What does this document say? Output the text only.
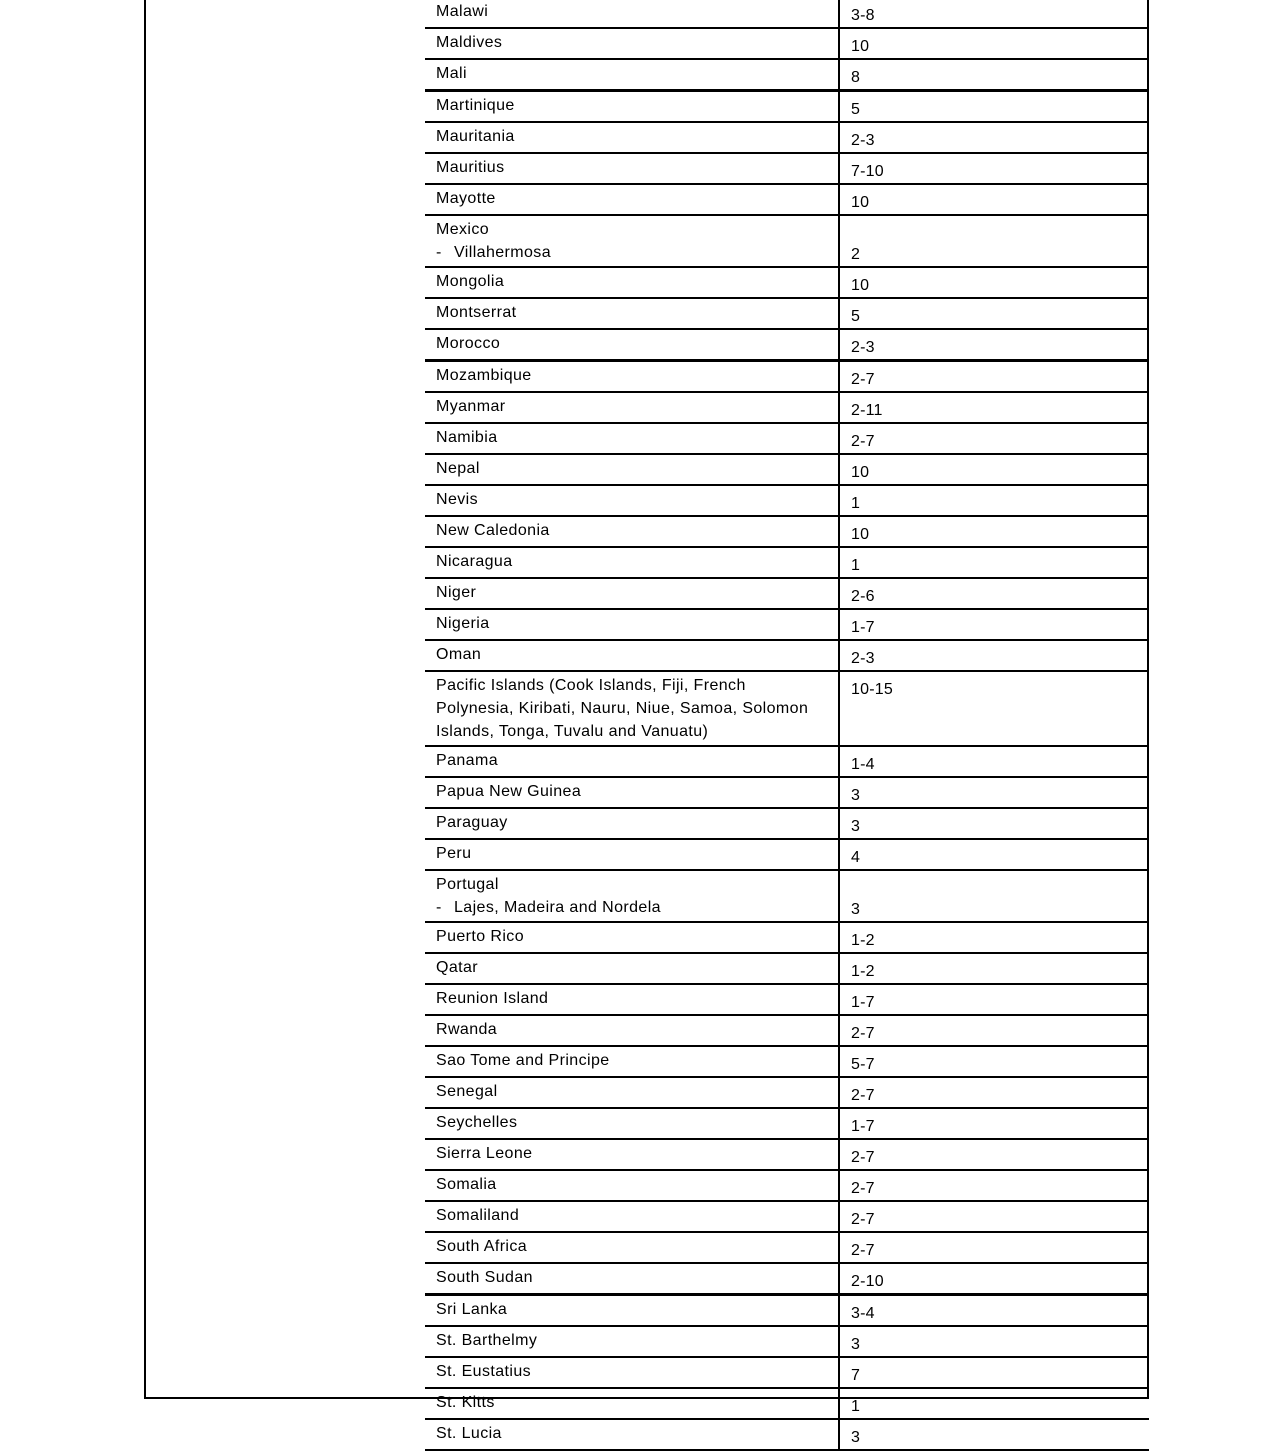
Malawi	3-8
Maldives	10
Mali	8
Martinique	5
Mauritania	2-3
Mauritius	7-10
Mayotte	10
Mexico
- Villahermosa	2
Mongolia	10
Montserrat	5
Morocco	2-3
Mozambique	2-7
Myanmar	2-11
Namibia	2-7
Nepal	10
Nevis	1
New Caledonia	10
Nicaragua	1
Niger	2-6
Nigeria	1-7
Oman	2-3
Pacific Islands (Cook Islands, Fiji, French Polynesia, Kiribati, Nauru, Niue, Samoa, Solomon Islands, Tonga, Tuvalu and Vanuatu)	10-15
Panama	1-4
Papua New Guinea	3
Paraguay	3
Peru	4
Portugal
- Lajes, Madeira and Nordela	3
Puerto Rico	1-2
Qatar	1-2
Reunion Island	1-7
Rwanda	2-7
Sao Tome and Principe	5-7
Senegal	2-7
Seychelles	1-7
Sierra Leone	2-7
Somalia	2-7
Somaliland	2-7
South Africa	2-7
South Sudan	2-10
Sri Lanka	3-4
St. Barthelmy	3
St. Eustatius	7
St. Kitts	1
St. Lucia	3
